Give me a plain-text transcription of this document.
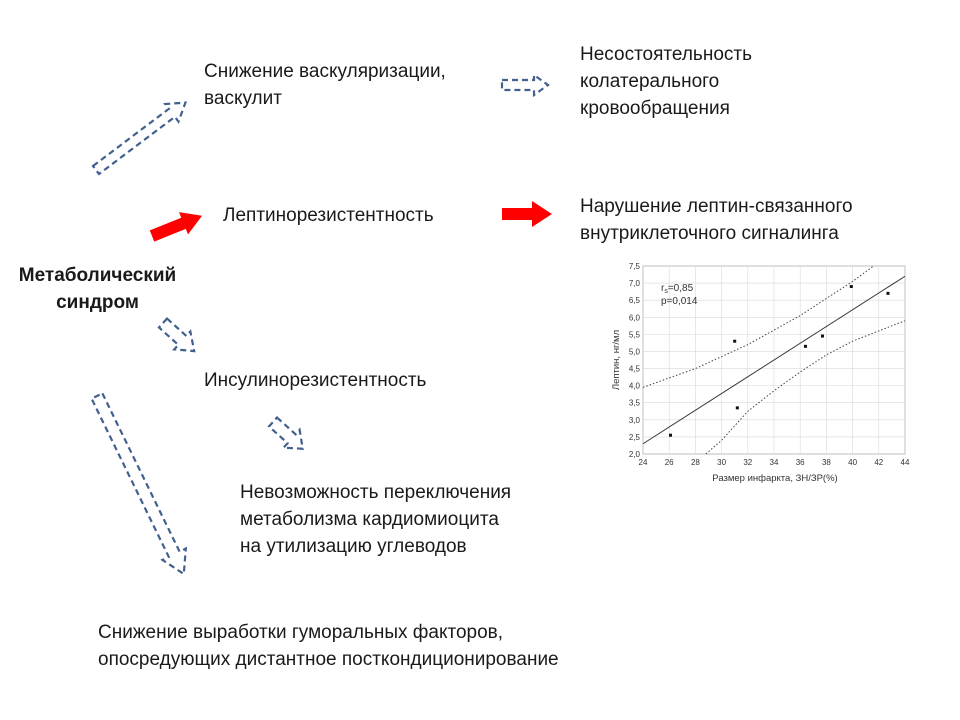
Метаболический
синдром
Снижение васкуляризации,
васкулит
Несостоятельность
колатерального
кровообращения
Лептинорезистентность	Нарушение лептин-связанного
внутриклеточного сигналинга
Инсулинорезистентность
Невозможность переключения
метаболизма кардиомиоцита
на утилизацию углеводов
Снижение выработки гуморальных факторов,
опосредующих дистантное посткондиционирование
24 26 28 30 32 34 36 38 40 42 44
2,0
2,5
3,0
3,5
4,0
4,5
5,0
5,5
6,0
6,5
7,0
7,5
$r_s=0,85$
p=0,014
Размер инфаркта, ЗН/ЗР(%)
Лептин, нг/мл
